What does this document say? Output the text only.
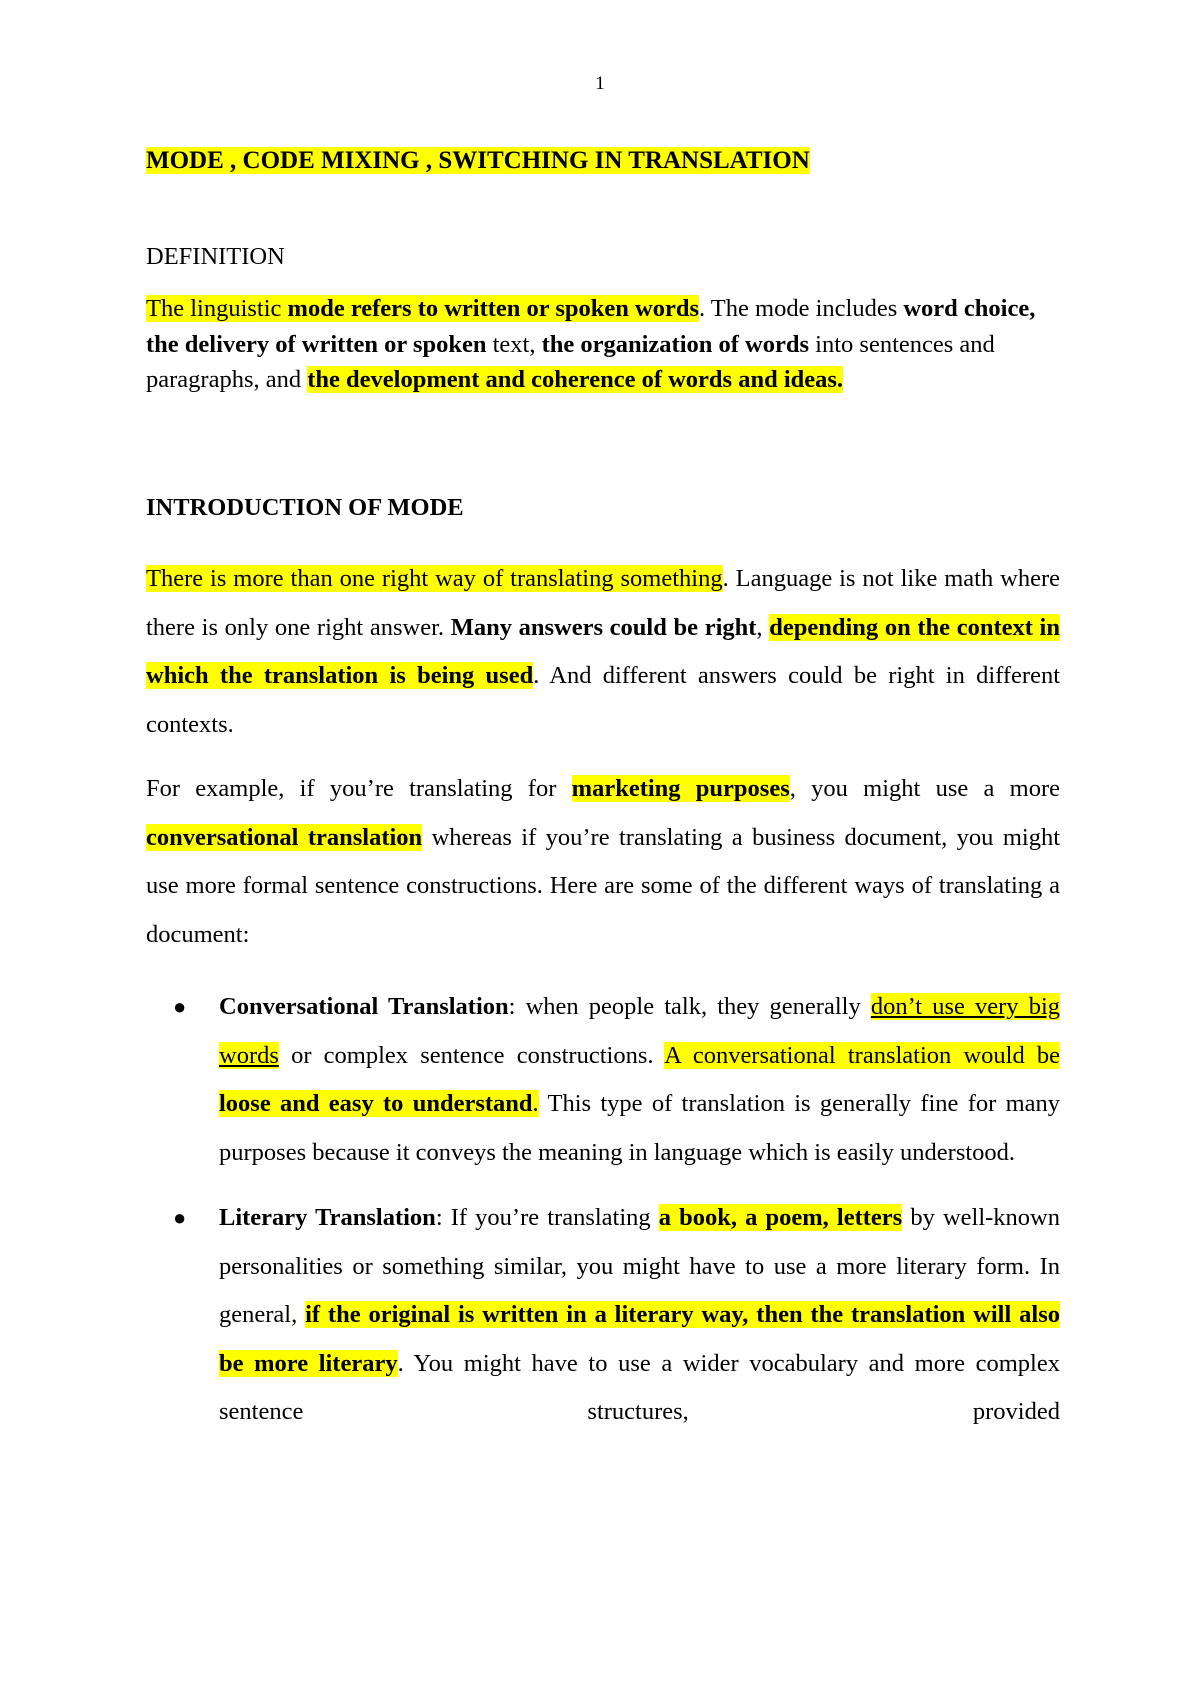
1
MODE , CODE MIXING , SWITCHING IN TRANSLATION
DEFINITION
The linguistic mode refers to written or spoken words. The mode includes word choice, the delivery of written or spoken text, the organization of words into sentences and paragraphs, and the development and coherence of words and ideas.
INTRODUCTION OF MODE
There is more than one right way of translating something. Language is not like math where there is only one right answer. Many answers could be right, depending on the context in which the translation is being used. And different answers could be right in different contexts.
For example, if you’re translating for marketing purposes, you might use a more conversational translation whereas if you’re translating a business document, you might use more formal sentence constructions. Here are some of the different ways of translating a document:
● Conversational Translation: when people talk, they generally don’t use very big words or complex sentence constructions. A conversational translation would be loose and easy to understand. This type of translation is generally fine for many purposes because it conveys the meaning in language which is easily understood.
● Literary Translation: If you’re translating a book, a poem, letters by well-known personalities or something similar, you might have to use a more literary form. In general, if the original is written in a literary way, then the translation will also be more literary. You might have to use a wider vocabulary and more complex sentence structures, provided
